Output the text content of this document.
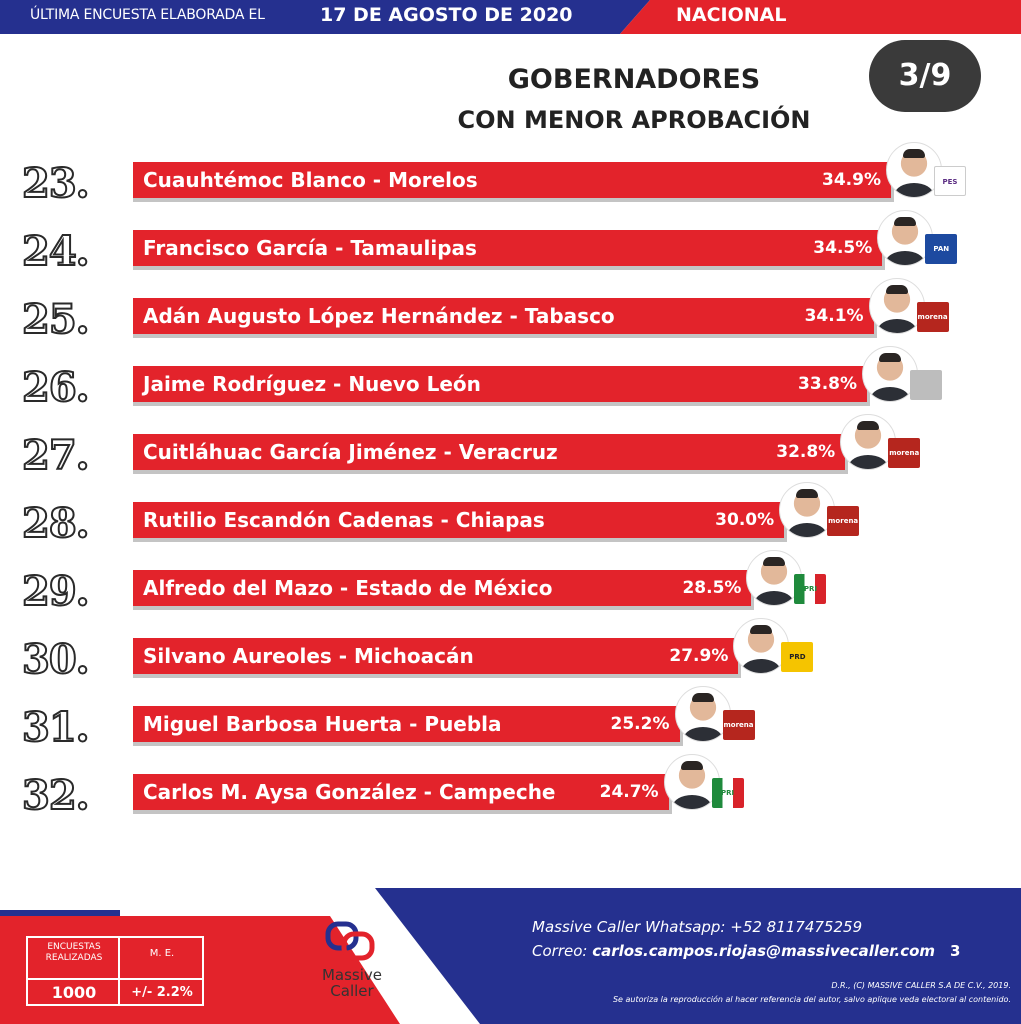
ÚLTIMA ENCUESTA ELABORADA EL	17 DE AGOSTO DE 2020	NACIONAL
3/9
GOBERNADORES
CON MENOR APROBACIÓN
23.	Cuauhtémoc Blanco - Morelos	34.9%	PES
24.	Francisco García - Tamaulipas	34.5%	PAN
25.	Adán Augusto López Hernández - Tabasco	34.1%	morena
26.	Jaime Rodríguez - Nuevo León	33.8%
27.	Cuitláhuac García Jiménez - Veracruz	32.8%	morena
28.	Rutilio Escandón Cadenas - Chiapas	30.0%	morena
29.	Alfredo del Mazo - Estado de México	28.5%	PRI
30.	Silvano Aureoles - Michoacán	27.9%	PRD
31.	Miguel Barbosa Huerta - Puebla	25.2%	morena
32.	Carlos M. Aysa González - Campeche	24.7%	PRI
ENCUESTAS REALIZADAS	M. E.
1000	+/- 2.2%
Massive
Caller
Massive Caller Whatsapp: +52 8117475259
Correo: carlos.campos.riojas@massivecaller.com 3
D.R., (C) MASSIVE CALLER S.A DE C.V., 2019.
Se autoriza la reproducción al hacer referencia del autor, salvo aplique veda electoral al contenido.
